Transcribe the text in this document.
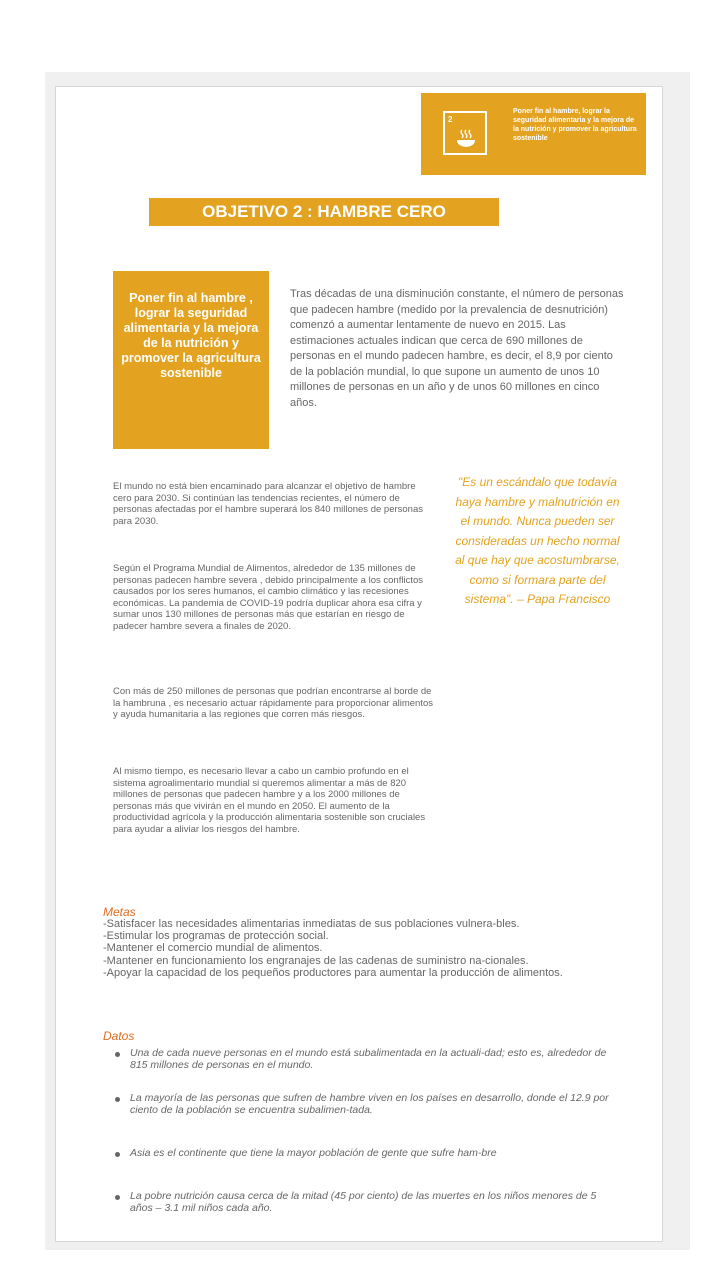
2
Poner fin al hambre, lograr la seguridad alimentaria y la mejora de la nutrición y promover la agricultura sostenible
OBJETIVO 2 : HAMBRE CERO
Poner fin al hambre , lograr la seguridad alimentaria y la mejora de la nutrición y promover la agricultura sostenible
Tras décadas de una disminución constante, el número de personas que padecen hambre (medido por la prevalencia de desnutrición) comenzó a aumentar lentamente de nuevo en 2015. Las estimaciones actuales indican que cerca de 690 millones de personas en el mundo padecen hambre, es decir, el 8,9 por ciento de la población mundial, lo que supone un aumento de unos 10 millones de personas en un año y de unos 60 millones en cinco años.
El mundo no está bien encaminado para alcanzar el objetivo de hambre cero para 2030. Si continúan las tendencias recientes, el número de personas afectadas por el hambre superará los 840 millones de personas para 2030.
Según el Programa Mundial de Alimentos, alrededor de 135 millones de personas padecen hambre severa , debido principalmente a los conflictos causados por los seres humanos, el cambio climático y las recesiones económicas. La pandemia de COVID-19 podría duplicar ahora esa cifra y sumar unos 130 millones de personas más que estarían en riesgo de padecer hambre severa a finales de 2020.
Con más de 250 millones de personas que podrían encontrarse al borde de la hambruna , es necesario actuar rápidamente para proporcionar alimentos y ayuda humanitaria a las regiones que corren más riesgos.
Al mismo tiempo, es necesario llevar a cabo un cambio profundo en el sistema agroalimentario mundial si queremos alimentar a más de 820 millones de personas que padecen hambre y a los 2000 millones de personas más que vivirán en el mundo en 2050. El aumento de la productividad agrícola y la producción alimentaria sostenible son cruciales para ayudar a aliviar los riesgos del hambre.
"Es un escándalo que todavía haya hambre y malnutrición en el mundo. Nunca pueden ser consideradas un hecho normal al que hay que acostumbrarse, como si formara parte del sistema". – Papa Francisco
Metas
-Satisfacer las necesidades alimentarias inmediatas de sus poblaciones vulnera-bles.
-Estimular los programas de protección social.
-Mantener el comercio mundial de alimentos.
-Mantener en funcionamiento los engranajes de las cadenas de suministro na-cionales.
-Apoyar la capacidad de los pequeños productores para aumentar la producción de alimentos.
Datos
Una de cada nueve personas en el mundo está subalimentada en la actuali-dad; esto es, alrededor de 815 millones de personas en el mundo.
La mayoría de las personas que sufren de hambre viven en los países en desarrollo, donde el 12.9 por ciento de la población se encuentra subalimen-tada.
Asia es el continente que tiene la mayor población de gente que sufre ham-bre
La pobre nutrición causa cerca de la mitad (45 por ciento) de las muertes en los niños menores de 5 años – 3.1 mil niños cada año.
